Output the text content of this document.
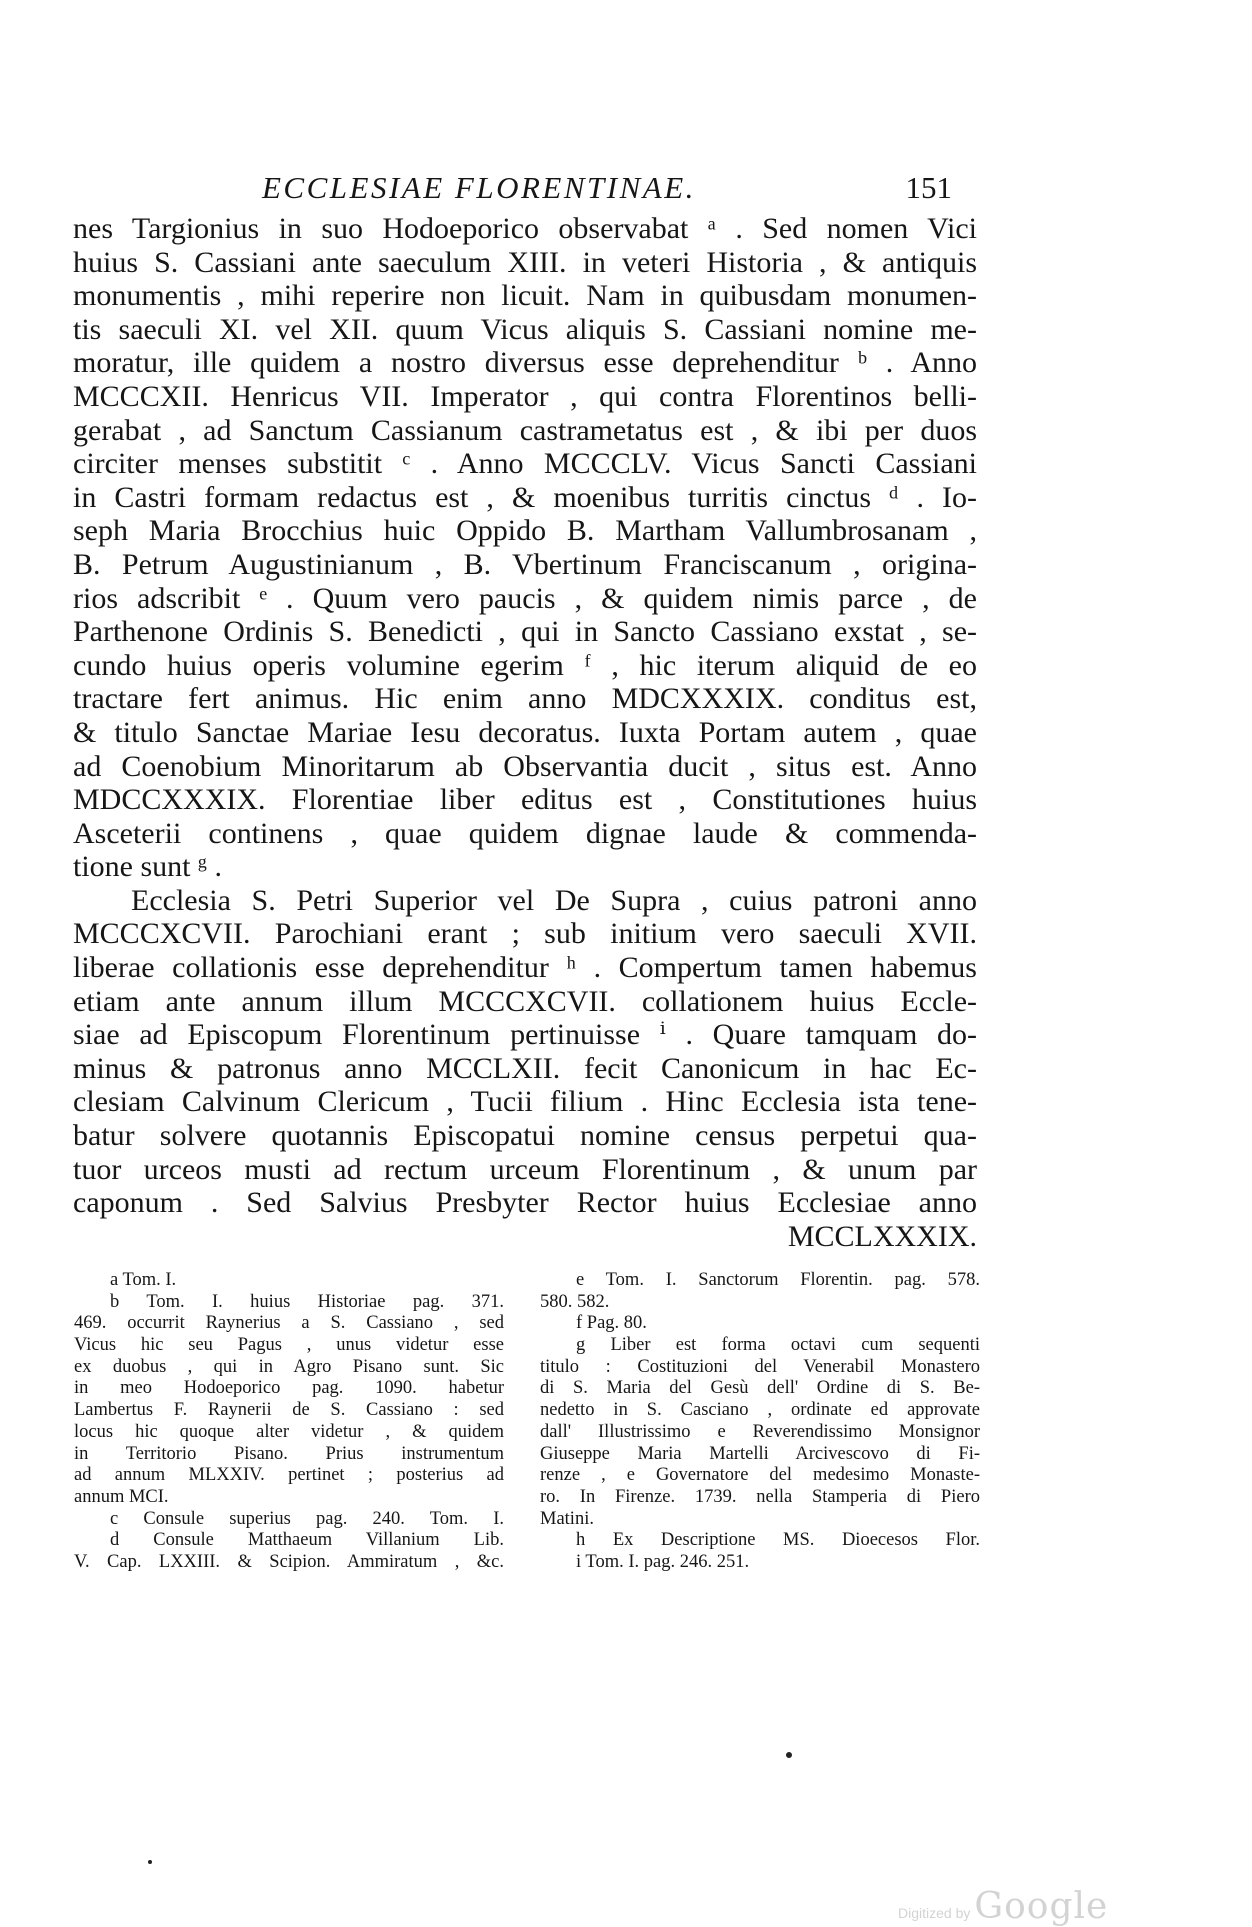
ECCLESIAE FLORENTINAE.	151
nes Targionius in suo Hodoeporico observabat ᵃ . Sed nomen Vici
huius S. Cassiani ante saeculum XIII. in veteri Historia , & antiquis
monumentis , mihi reperire non licuit. Nam in quibusdam monumen-
tis saeculi XI. vel XII. quum Vicus aliquis S. Cassiani nomine me-
moratur, ille quidem a nostro diversus esse deprehenditur ᵇ . Anno
MCCCXII. Henricus VII. Imperator , qui contra Florentinos belli-
gerabat , ad Sanctum Cassianum castrametatus est , & ibi per duos
circiter menses substitit ᶜ . Anno MCCCLV. Vicus Sancti Cassiani
in Castri formam redactus est , & moenibus turritis cinctus ᵈ . Io-
seph Maria Brocchius huic Oppido B. Martham Vallumbrosanam ,
B. Petrum Augustinianum , B. Vbertinum Franciscanum , origina-
rios adscribit ᵉ . Quum vero paucis , & quidem nimis parce , de
Parthenone Ordinis S. Benedicti , qui in Sancto Cassiano exstat , se-
cundo huius operis volumine egerim ᶠ , hic iterum aliquid de eo
tractare fert animus. Hic enim anno MDCXXXIX. conditus est,
& titulo Sanctae Mariae Iesu decoratus. Iuxta Portam autem , quae
ad Coenobium Minoritarum ab Observantia ducit , situs est. Anno
MDCCXXXIX. Florentiae liber editus est , Constitutiones huius
Asceterii continens , quae quidem dignae laude & commenda-
tione sunt ᵍ .
Ecclesia S. Petri Superior vel De Supra , cuius patroni anno
MCCCXCVII. Parochiani erant ; sub initium vero saeculi XVII.
liberae collationis esse deprehenditur ʰ . Compertum tamen habemus
etiam ante annum illum MCCCXCVII. collationem huius Eccle-
siae ad Episcopum Florentinum pertinuisse ⁱ . Quare tamquam do-
minus & patronus anno MCCLXII. fecit Canonicum in hac Ec-
clesiam Calvinum Clericum , Tucii filium . Hinc Ecclesia ista tene-
batur solvere quotannis Episcopatui nomine census perpetui qua-
tuor urceos musti ad rectum urceum Florentinum , & unum par
caponum . Sed Salvius Presbyter Rector huius Ecclesiae anno
MCCLXXXIX.
a Tom. I.
b Tom. I. huius Historiae pag. 371.
469. occurrit Raynerius a S. Cassiano , sed
Vicus hic seu Pagus , unus videtur esse
ex duobus , qui in Agro Pisano sunt. Sic
in meo Hodoeporico pag. 1090. habetur
Lambertus F. Raynerii de S. Cassiano : sed
locus hic quoque alter videtur , & quidem
in Territorio Pisano. Prius instrumentum
ad annum MLXXIV. pertinet ; posterius ad
annum MCI.
c Consule superius pag. 240. Tom. I.
d Consule Matthaeum Villanium Lib.
V. Cap. LXXIII. & Scipion. Ammiratum , &c.
e Tom. I. Sanctorum Florentin. pag. 578.
580. 582.
f Pag. 80.
g Liber est forma octavi cum sequenti
titulo : Costituzioni del Venerabil Monastero
di S. Maria del Gesù dell' Ordine di S. Be-
nedetto in S. Casciano , ordinate ed approvate
dall' Illustrissimo e Reverendissimo Monsignor
Giuseppe Maria Martelli Arcivescovo di Fi-
renze , e Governatore del medesimo Monaste-
ro. In Firenze. 1739. nella Stamperia di Piero
Matini.
h Ex Descriptione MS. Dioecesos Flor.
i Tom. I. pag. 246. 251.
Digitized by Google
